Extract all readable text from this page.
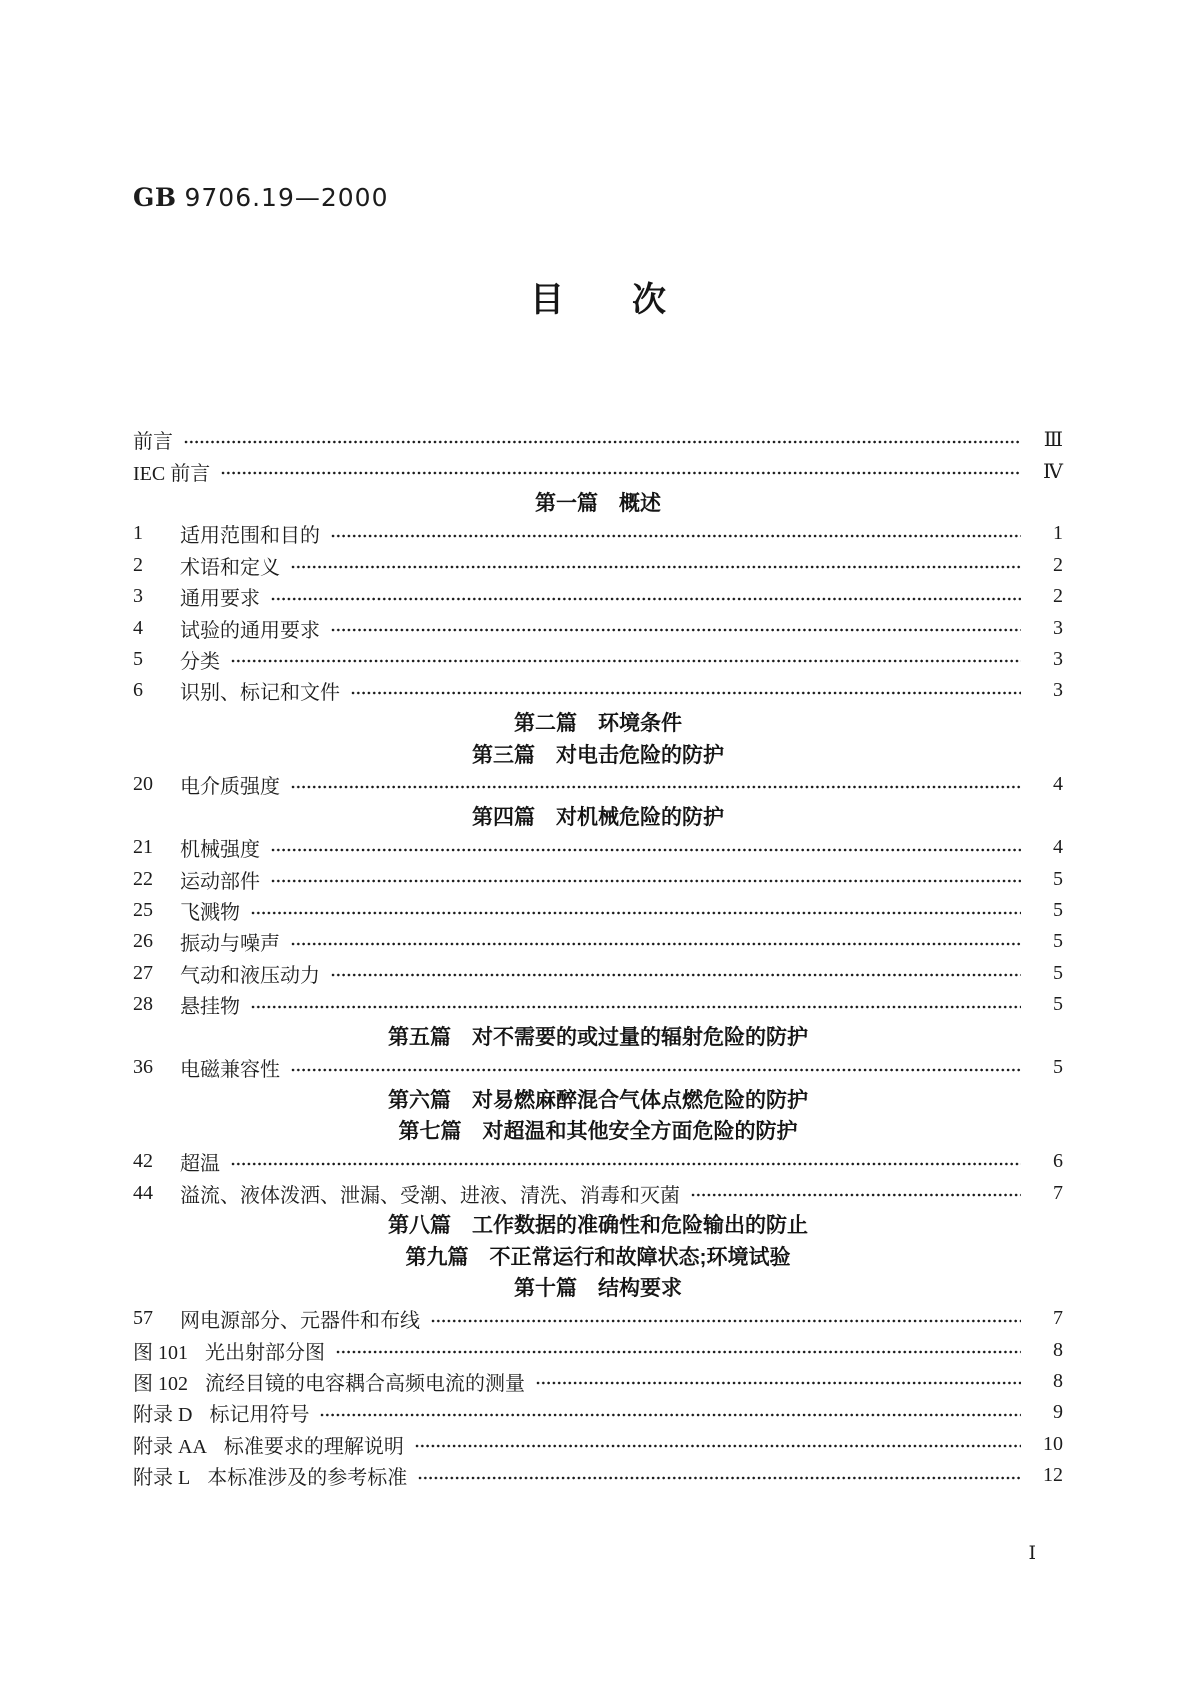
GB 9706.19—2000
目　　次
前言	Ⅲ
IEC 前言	Ⅳ
第一篇　概述
1	适用范围和目的	1
2	术语和定义	2
3	通用要求	2
4	试验的通用要求	3
5	分类	3
6	识别、标记和文件	3
第二篇　环境条件
第三篇　对电击危险的防护
20	电介质强度	4
第四篇　对机械危险的防护
21	机械强度	4
22	运动部件	5
25	飞溅物	5
26	振动与噪声	5
27	气动和液压动力	5
28	悬挂物	5
第五篇　对不需要的或过量的辐射危险的防护
36	电磁兼容性	5
第六篇　对易燃麻醉混合气体点燃危险的防护
第七篇　对超温和其他安全方面危险的防护
42	超温	6
44	溢流、液体泼洒、泄漏、受潮、进液、清洗、消毒和灭菌	7
第八篇　工作数据的准确性和危险输出的防止
第九篇　不正常运行和故障状态;环境试验
第十篇　结构要求
57	网电源部分、元器件和布线	7
图 101 光出射部分图	8
图 102 流经目镜的电容耦合高频电流的测量	8
附录 D 标记用符号	9
附录 AA 标准要求的理解说明	10
附录 L 本标准涉及的参考标准	12
Ⅰ
